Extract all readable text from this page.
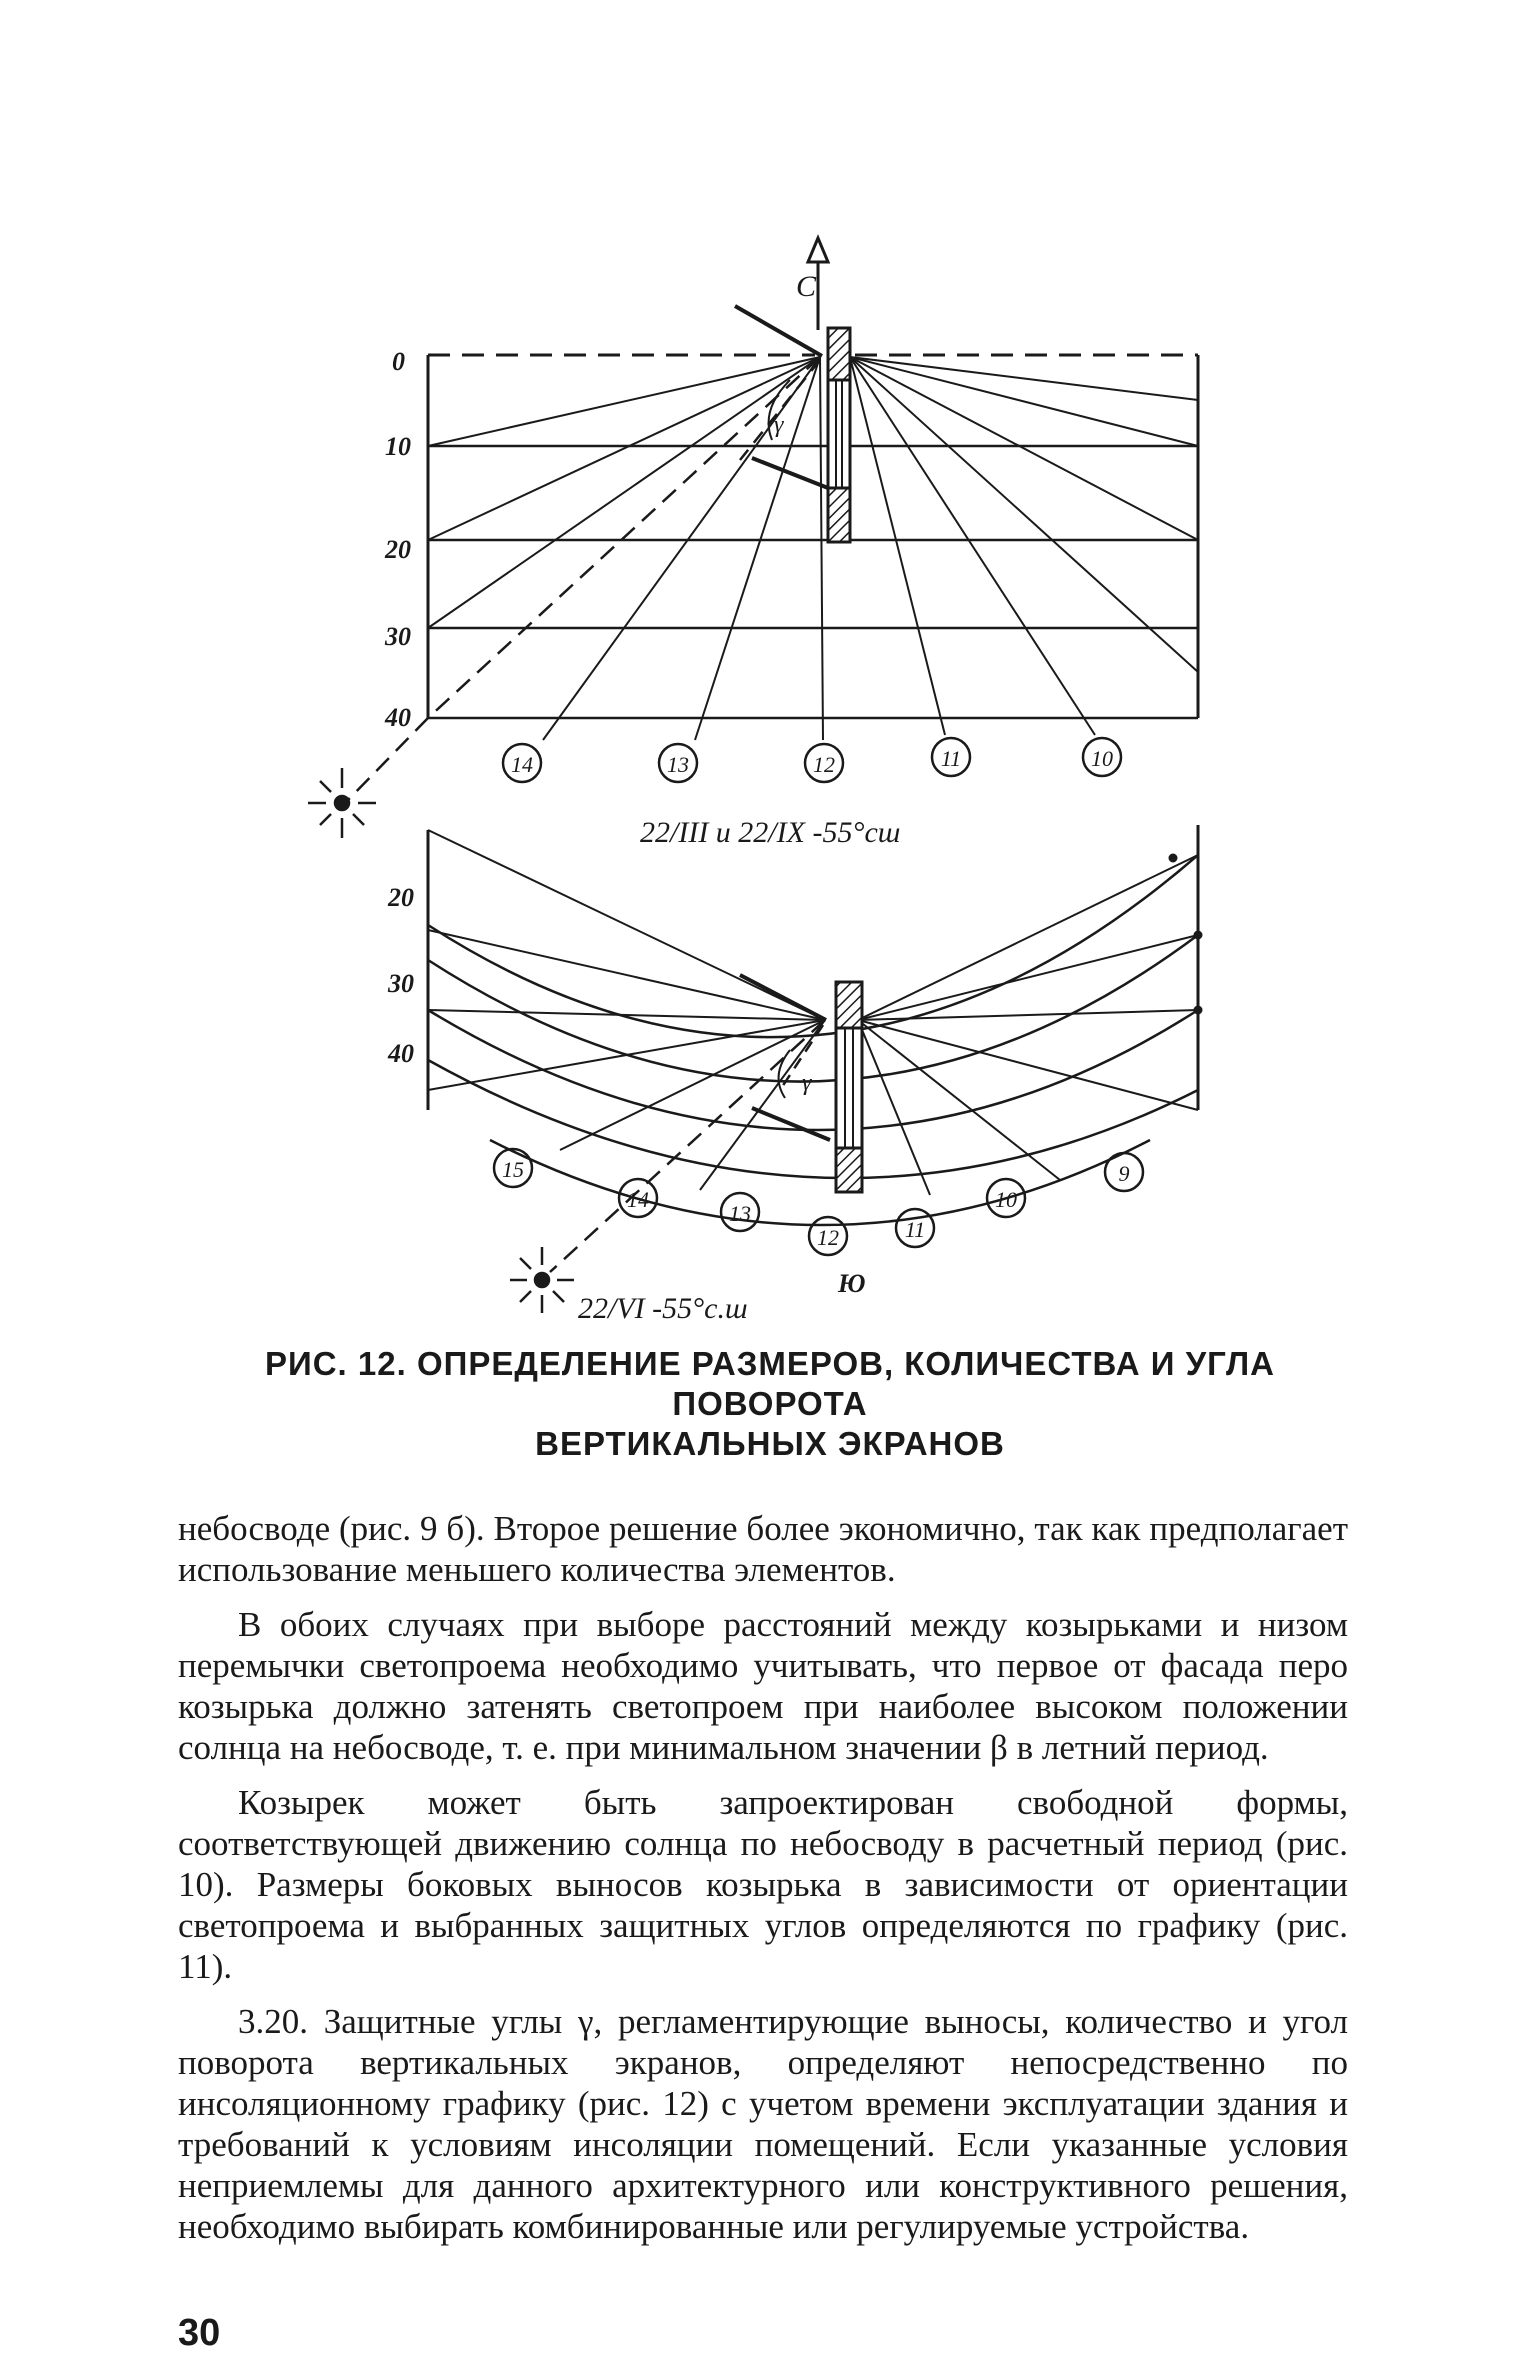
С
γ
γ
0
10
20
30
40
14	13	12	11	10
22/III и 22/IX -55°сш
20
30
40
15
14
13
12	11
10
9
Ю
22/VI -55°с.ш
РИС. 12. ОПРЕДЕЛЕНИЕ РАЗМЕРОВ, КОЛИЧЕСТВА И УГЛА ПОВОРОТА
ВЕРТИКАЛЬНЫХ ЭКРАНОВ

небосводе (рис. 9 б). Второе решение более экономично, так как предполагает использование меньшего количества элементов.

В обоих случаях при выборе расстояний между козырьками и низом перемычки светопроема необходимо учитывать, что первое от фасада перо козырька должно затенять светопроем при наиболее высоком положении солнца на небосводе, т. е. при минимальном значении β в летний период.

Козырек может быть запроектирован свободной формы, соответствующей движению солнца по небосводу в расчетный период (рис. 10). Размеры боковых выносов козырька в зависимости от ориентации светопроема и выбранных защитных углов определяются по графику (рис. 11).

3.20. Защитные углы γ, регламентирующие выносы, количество и угол поворота вертикальных экранов, определяют непосредственно по инсоляционному графику (рис. 12) с учетом времени эксплуатации здания и требований к условиям инсоляции помещений. Если указанные условия неприемлемы для данного архитектурного или конструктивного решения, необходимо выбирать комбинированные или регулируемые устройства.

30
